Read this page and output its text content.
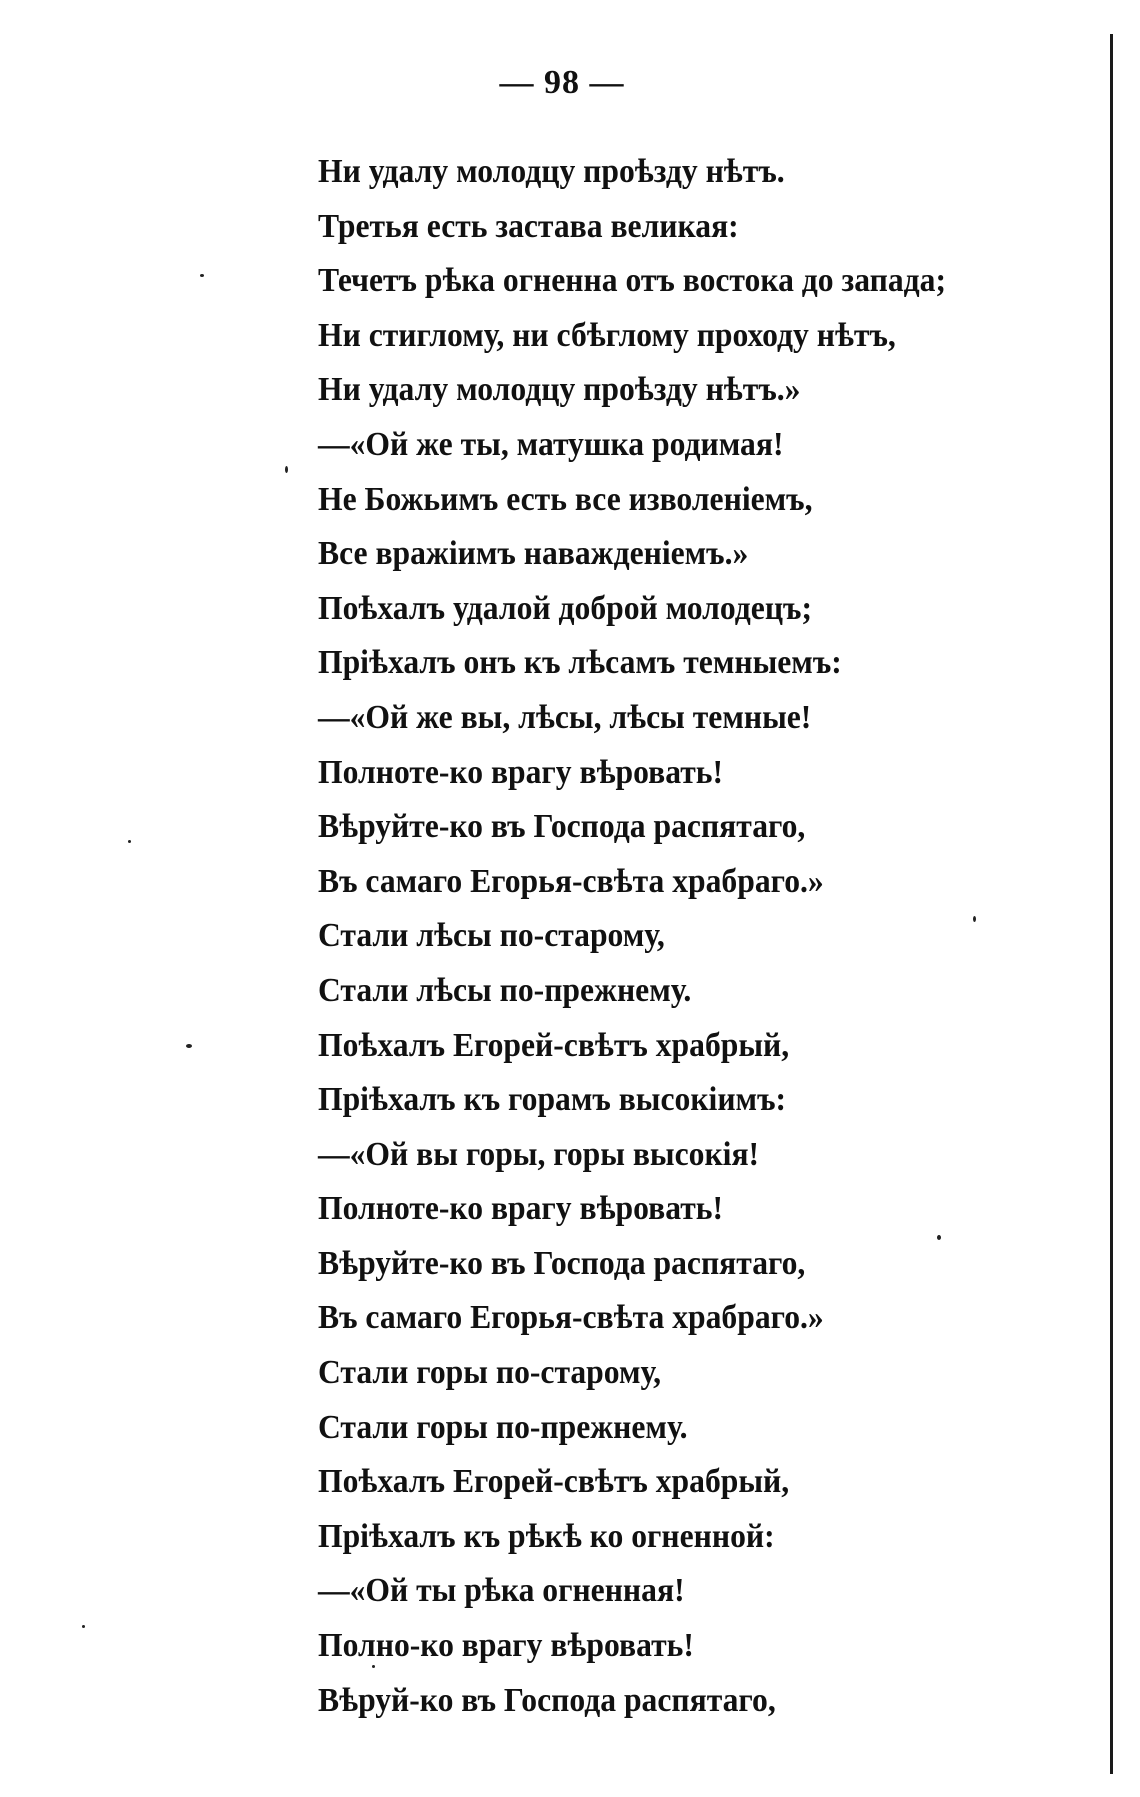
— 98 —
Ни удалу молодцу проѣзду нѣтъ.
Третья есть застава великая:
Течетъ рѣка огненна отъ востока до запада;
Ни стиглому, ни сбѣглому проходу нѣтъ,
Ни удалу молодцу проѣзду нѣтъ.»
—«Ой же ты, матушка родимая!
Не Божьимъ есть все изволеніемъ,
Все вражіимъ наважденіемъ.»
Поѣхалъ удалой доброй молодецъ;
Пріѣхалъ онъ къ лѣсамъ темныемъ:
—«Ой же вы, лѣсы, лѣсы темные!
Полноте-ко врагу вѣровать!
Вѣруйте-ко въ Господа распятаго,
Въ самаго Егорья-свѣта храбраго.»
Стали лѣсы по-старому,
Стали лѣсы по-прежнему.
Поѣхалъ Егорей-свѣтъ храбрый,
Пріѣхалъ къ горамъ высокіимъ:
—«Ой вы горы, горы высокія!
Полноте-ко врагу вѣровать!
Вѣруйте-ко въ Господа распятаго,
Въ самаго Егорья-свѣта храбраго.»
Стали горы по-старому,
Стали горы по-прежнему.
Поѣхалъ Егорей-свѣтъ храбрый,
Пріѣхалъ къ рѣкѣ ко огненной:
—«Ой ты рѣка огненная!
Полно-ко врагу вѣровать!
Вѣруй-ко въ Господа распятаго,
